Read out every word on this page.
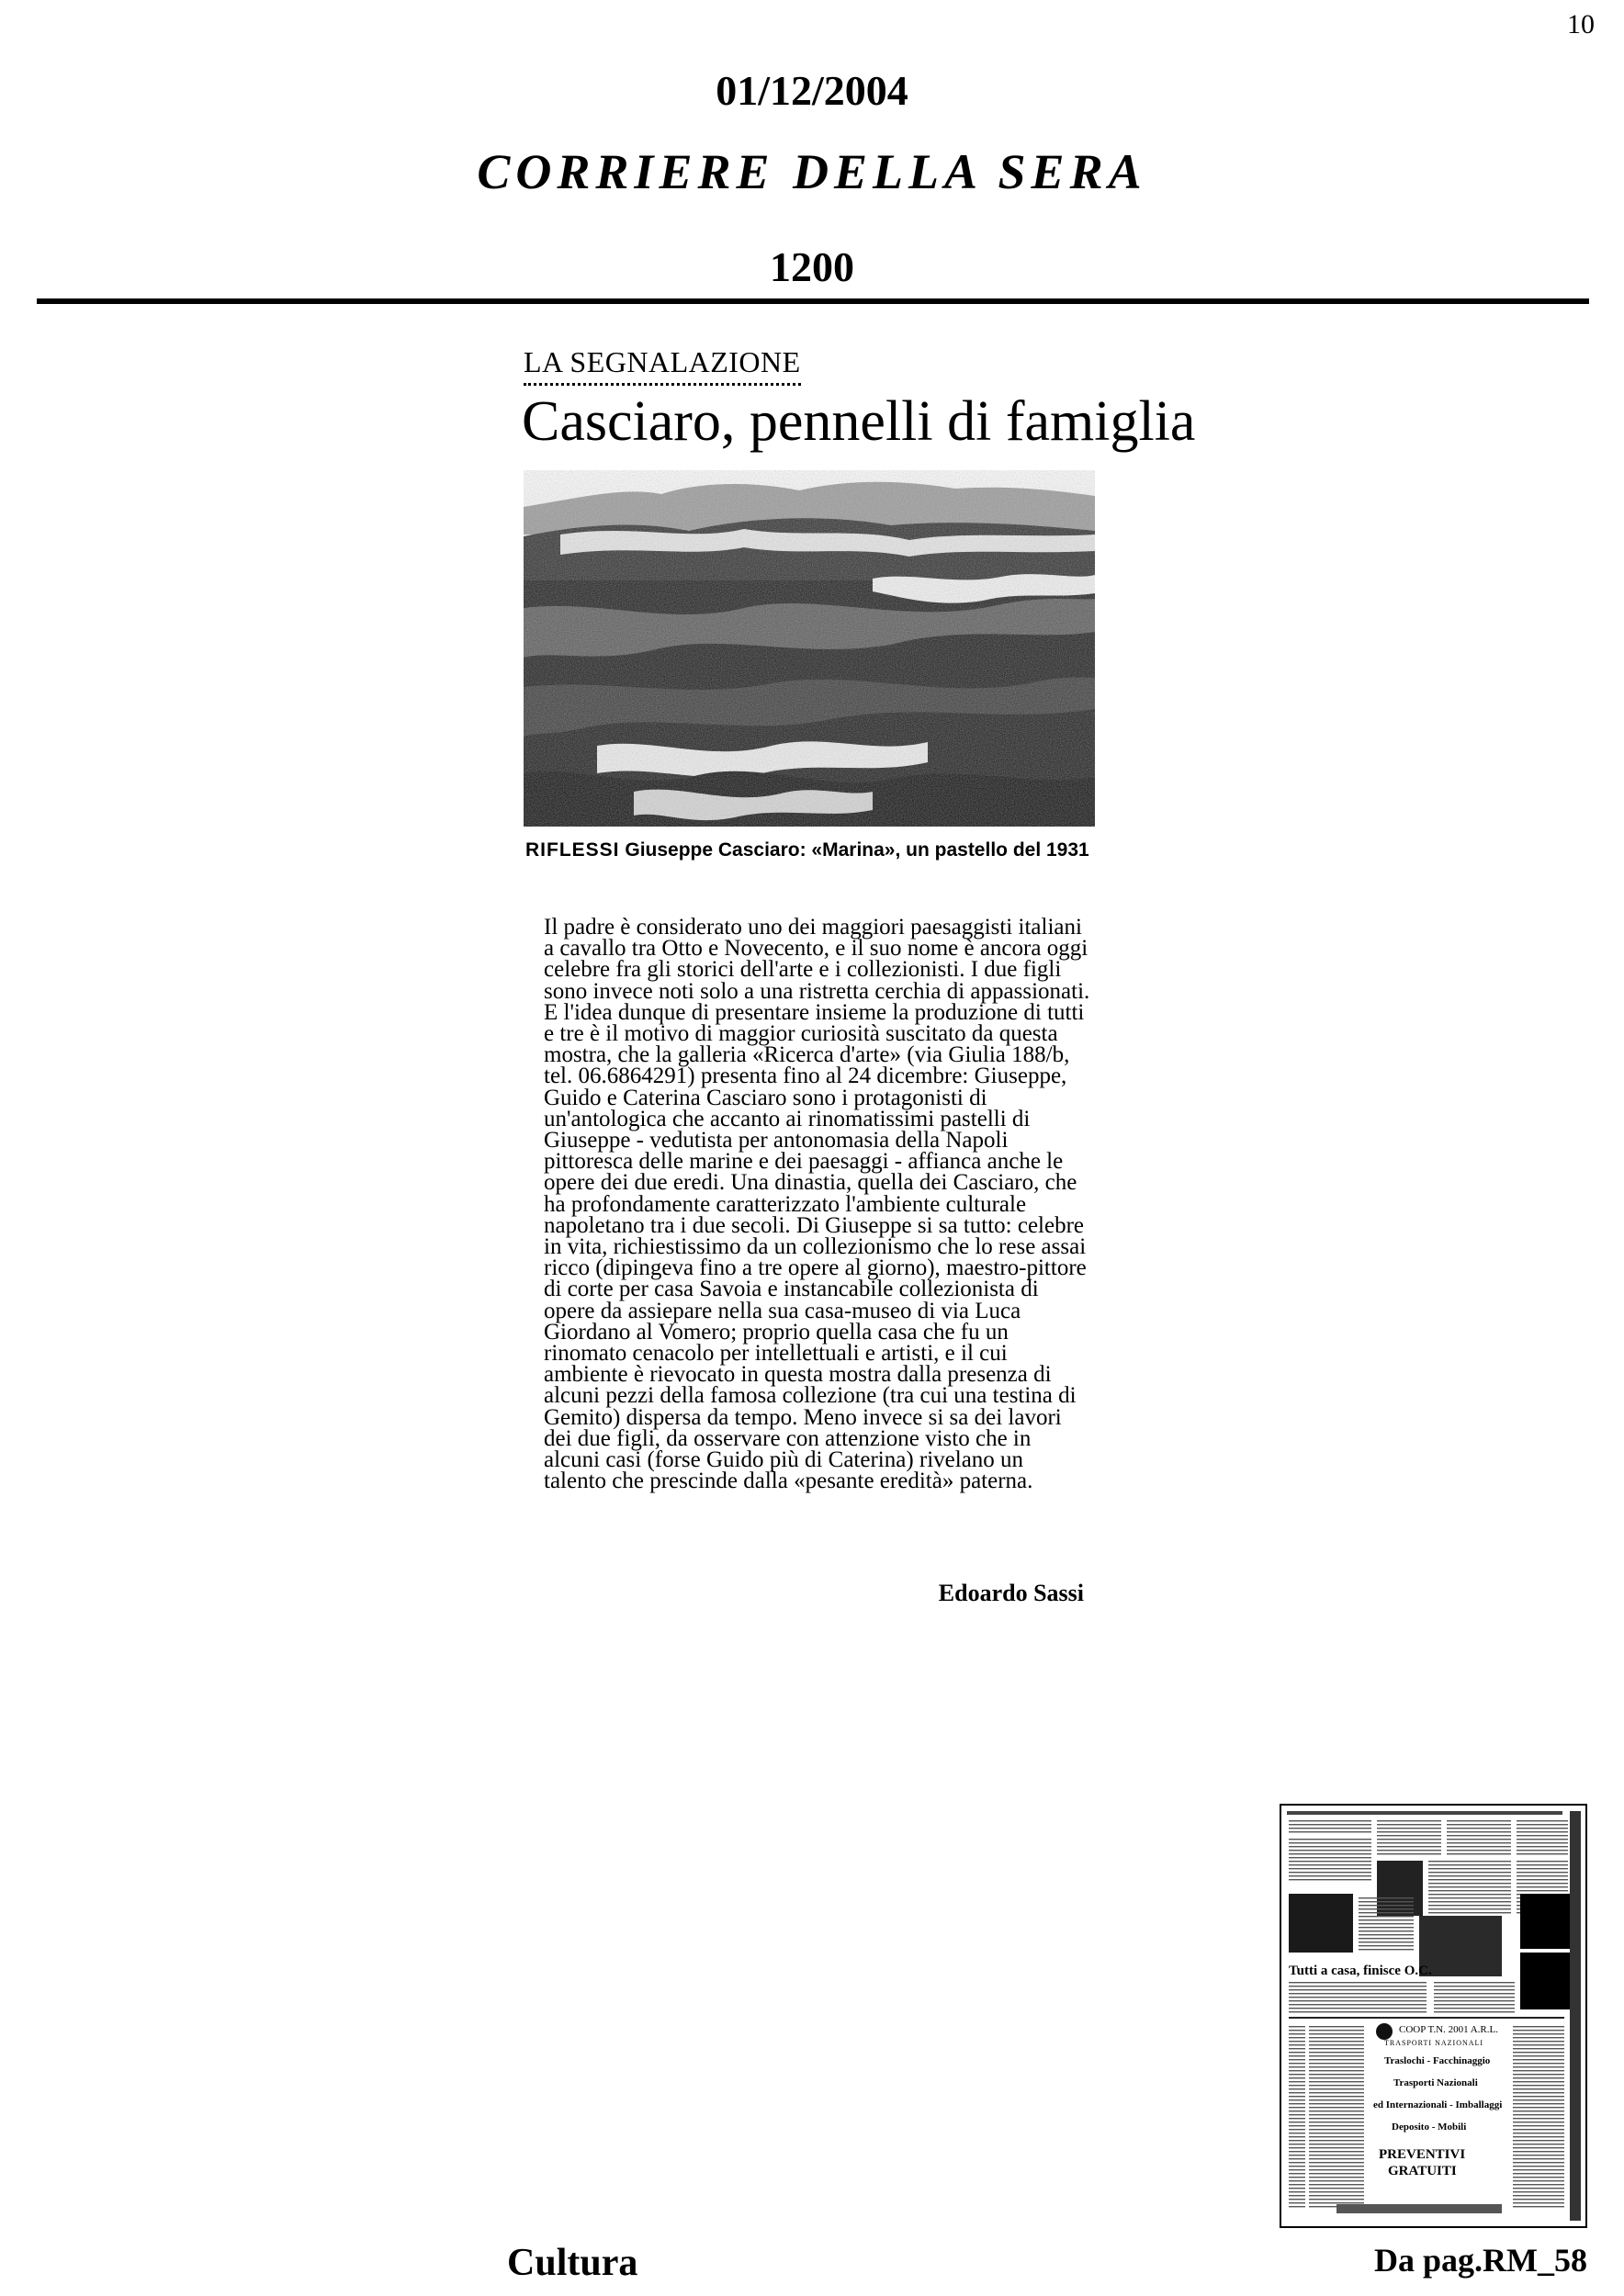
10
01/12/2004
CORRIERE DELLA SERA
1200
LA SEGNALAZIONE
Casciaro, pennelli di famiglia
RIFLESSI Giuseppe Casciaro: «Marina», un pastello del 1931
Il padre è considerato uno dei maggiori paesaggisti italiani
a cavallo tra Otto e Novecento, e il suo nome è ancora oggi
celebre fra gli storici dell'arte e i collezionisti. I due figli
sono invece noti solo a una ristretta cerchia di appassionati.
E l'idea dunque di presentare insieme la produzione di tutti
e tre è il motivo di maggior curiosità suscitato da questa
mostra, che la galleria «Ricerca d'arte» (via Giulia 188/b,
tel. 06.6864291) presenta fino al 24 dicembre: Giuseppe,
Guido e Caterina Casciaro sono i protagonisti di
un'antologica che accanto ai rinomatissimi pastelli di
Giuseppe - vedutista per antonomasia della Napoli
pittoresca delle marine e dei paesaggi - affianca anche le
opere dei due eredi. Una dinastia, quella dei Casciaro, che
ha profondamente caratterizzato l'ambiente culturale
napoletano tra i due secoli. Di Giuseppe si sa tutto: celebre
in vita, richiestissimo da un collezionismo che lo rese assai
ricco (dipingeva fino a tre opere al giorno), maestro-pittore
di corte per casa Savoia e instancabile collezionista di
opere da assiepare nella sua casa-museo di via Luca
Giordano al Vomero; proprio quella casa che fu un
rinomato cenacolo per intellettuali e artisti, e il cui
ambiente è rievocato in questa mostra dalla presenza di
alcuni pezzi della famosa collezione (tra cui una testina di
Gemito) dispersa da tempo. Meno invece si sa dei lavori
dei due figli, da osservare con attenzione visto che in
alcuni casi (forse Guido più di Caterina) rivelano un
talento che prescinde dalla «pesante eredità» paterna.
Edoardo Sassi
Tutti a casa, finisce O.C.
COOP T.N. 2001 A.R.L.
TRASPORTI NAZIONALI
Traslochi - Facchinaggio
Trasporti Nazionali
ed Internazionali - Imballaggi
Deposito - Mobili
PREVENTIVI
GRATUITI
Cultura	Da pag.RM_58
